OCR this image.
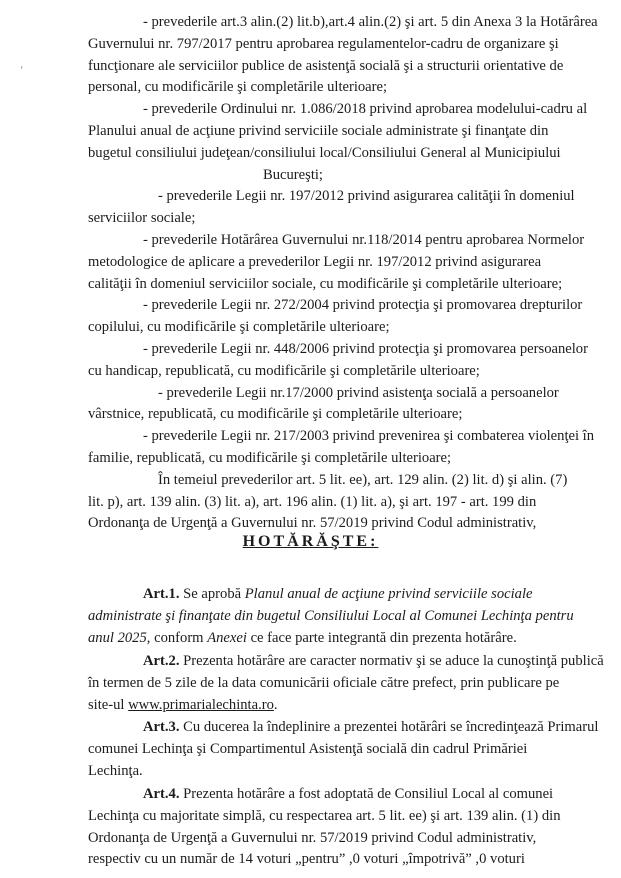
‘
- prevederile art.3 alin.(2) lit.b),art.4 alin.(2) şi art. 5 din Anexa 3 la Hotărârea
Guvernului nr. 797/2017 pentru aprobarea regulamentelor-cadru de organizare şi
funcţionare ale serviciilor publice de asistenţă socială şi a structurii orientative de
personal, cu modificările şi completările ulterioare;
- prevederile Ordinului nr. 1.086/2018 privind aprobarea modelului-cadru al
Planului anual de acţiune privind serviciile sociale administrate şi finanţate din
bugetul consiliului judeţean/consiliului local/Consiliului General al Municipiului
Bucureşti;
- prevederile Legii nr. 197/2012 privind asigurarea calităţii în domeniul
serviciilor sociale;
- prevederile Hotărârea Guvernului nr.118/2014 pentru aprobarea Normelor
metodologice de aplicare a prevederilor Legii nr. 197/2012 privind asigurarea
calităţii în domeniul serviciilor sociale, cu modificările şi completările ulterioare;
- prevederile Legii nr. 272/2004 privind protecţia şi promovarea drepturilor
copilului, cu modificările şi completările ulterioare;
- prevederile Legii nr. 448/2006 privind protecţia şi promovarea persoanelor
cu handicap, republicată, cu modificările şi completările ulterioare;
- prevederile Legii nr.17/2000 privind asistenţa socială a persoanelor
vârstnice, republicată, cu modificările şi completările ulterioare;
- prevederile Legii nr. 217/2003 privind prevenirea şi combaterea violenţei în
familie, republicată, cu modificările şi completările ulterioare;
În temeiul prevederilor art. 5 lit. ee), art. 129 alin. (2) lit. d) şi alin. (7)
lit. p), art. 139 alin. (3) lit. a), art. 196 alin. (1) lit. a), şi art. 197 - art. 199 din
Ordonanţa de Urgenţă a Guvernului nr. 57/2019 privind Codul administrativ,
HOTĂRĂŞTE:
Art.1. Se aprobă Planul anual de acţiune privind serviciile sociale
administrate şi finanţate din bugetul Consiliului Local al Comunei Lechinţa pentru
anul 2025, conform Anexei ce face parte integrantă din prezenta hotărâre.
Art.2. Prezenta hotărâre are caracter normativ şi se aduce la cunoştinţă publică
în termen de 5 zile de la data comunicării oficiale către prefect, prin publicare pe
site-ul www.primarialechinta.ro.
Art.3. Cu ducerea la îndeplinire a prezentei hotărâri se încredinţează Primarul
comunei Lechinţa şi Compartimentul Asistenţă socială din cadrul Primăriei
Lechinţa.
Art.4. Prezenta hotărâre a fost adoptată de Consiliul Local al comunei
Lechinţa cu majoritate simplă, cu respectarea art. 5 lit. ee) şi art. 139 alin. (1) din
Ordonanţa de Urgenţă a Guvernului nr. 57/2019 privind Codul administrativ,
respectiv cu un număr de 14 voturi „pentru” ,0 voturi „împotrivă” ,0 voturi
